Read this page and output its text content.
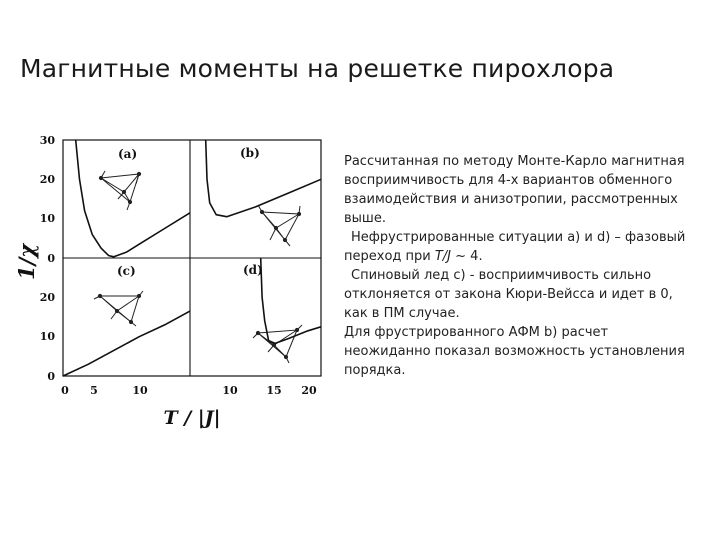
Магнитные моменты на решетке пирохлора
(a)	(b)
(c)	(d)
30
20
10
0
20
10
0
0 5	10	10	15 20
1/χ
T / |J|

Рассчитанная по методу Монте-Карло магнитная восприимчивость для 4-х вариантов обменного взаимодействия и анизотропии, рассмотренных выше.

Нефрустрированные ситуации а) и d) – фазовый переход при T/J ~ 4.

Спиновый лед c) - восприимчивость сильно отклоняется от закона Кюри-Вейсса и идет в 0, как в ПМ случае.

Для фрустрированного АФМ b) расчет неожиданно показал возможность установления порядка.
